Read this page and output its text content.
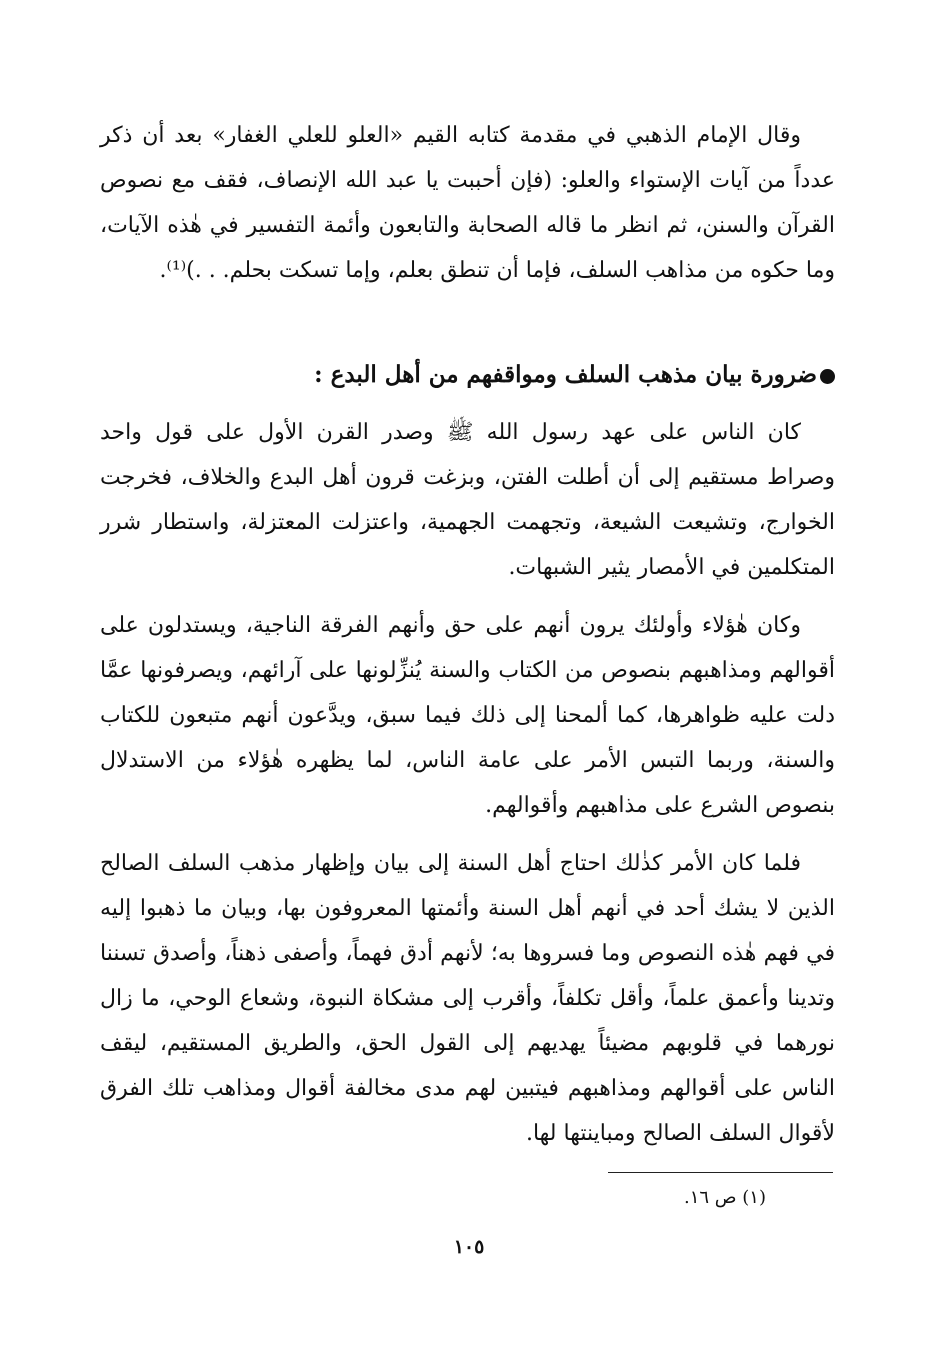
وقال الإمام الذهبي في مقدمة كتابه القيم «العلو للعلي الغفار» بعد أن ذكر عدداً من آيات الإستواء والعلو: (فإن أحببت يا عبد الله الإنصاف، فقف مع نصوص القرآن والسنن، ثم انظر ما قاله الصحابة والتابعون وأئمة التفسير في هٰذه الآيات، وما حكوه من مذاهب السلف، فإما أن تنطق بعلم، وإما تسكت بحلم. . .)⁽¹⁾.

ضرورة بيان مذهب السلف ومواقفهم من أهل البدع :

كان الناس على عهد رسول الله ﷺ وصدر القرن الأول على قول واحد وصراط مستقيم إلى أن أطلت الفتن، وبزغت قرون أهل البدع والخلاف، فخرجت الخوارج، وتشيعت الشيعة، وتجهمت الجهمية، واعتزلت المعتزلة، واستطار شرر المتكلمين في الأمصار يثير الشبهات.

وكان هٰؤلاء وأولئك يرون أنهم على حق وأنهم الفرقة الناجية، ويستدلون على أقوالهم ومذاهبهم بنصوص من الكتاب والسنة يُنزِّلونها على آرائهم، ويصرفونها عمَّا دلت عليه ظواهرها، كما ألمحنا إلى ذلك فيما سبق، ويدَّعون أنهم متبعون للكتاب والسنة، وربما التبس الأمر على عامة الناس، لما يظهره هٰؤلاء من الاستدلال بنصوص الشرع على مذاهبهم وأقوالهم.

فلما كان الأمر كذٰلك احتاج أهل السنة إلى بيان وإظهار مذهب السلف الصالح الذين لا يشك أحد في أنهم أهل السنة وأئمتها المعروفون بها، وبيان ما ذهبوا إليه في فهم هٰذه النصوص وما فسروها به؛ لأنهم أدق فهماً، وأصفى ذهناً، وأصدق تسننا وتدينا وأعمق علماً، وأقل تكلفاً، وأقرب إلى مشكاة النبوة، وشعاع الوحي، ما زال نورهما في قلوبهم مضيئاً يهديهم إلى القول الحق، والطريق المستقيم، ليقف الناس على أقوالهم ومذاهبهم فيتبين لهم مدى مخالفة أقوال ومذاهب تلك الفرق لأقوال السلف الصالح ومباينتها لها.

(١) ص ١٦.

١٠٥
